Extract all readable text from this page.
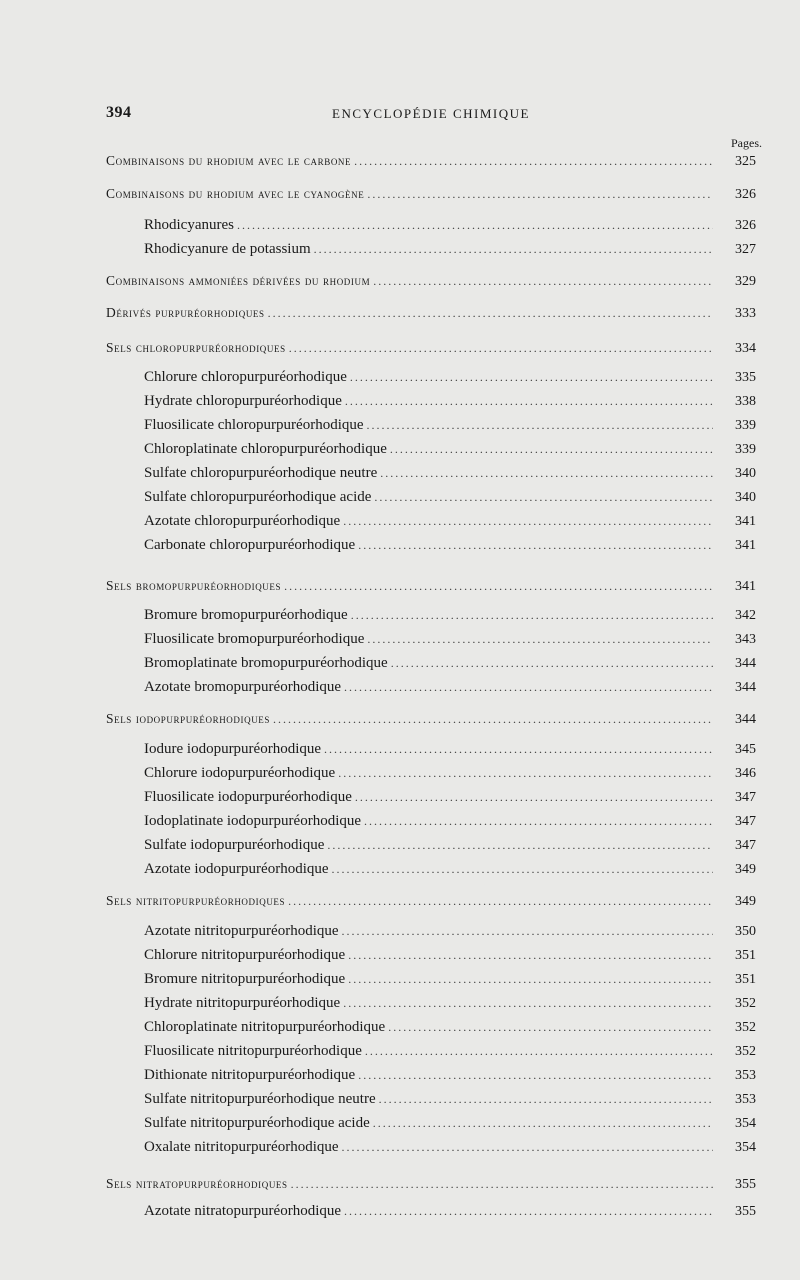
394	ENCYCLOPÉDIE CHIMIQUE
Pages.
Combinaisons du rhodium avec le carbone .....	325
Combinaisons du rhodium avec le cyanogène .....	326
Rhodicyanures .....	326
Rhodicyanure de potassium .....	327
Combinaisons ammoniées dérivées du rhodium .....	329
Dérivés purpuréorhodiques .....	333
Sels chloropurpuréorhodiques .....	334
Chlorure chloropurpuréorhodique .....	335
Hydrate chloropurpuréorhodique .....	338
Fluosilicate chloropurpuréorhodique .....	339
Chloroplatinate chloropurpuréorhodique .....	339
Sulfate chloropurpuréorhodique neutre .....	340
Sulfate chloropurpuréorhodique acide .....	340
Azotate chloropurpuréorhodique .....	341
Carbonate chloropurpuréorhodique .....	341
Sels bromopurpuréorhodiques .....	341
Bromure bromopurpuréorhodique .....	342
Fluosilicate bromopurpuréorhodique .....	343
Bromoplatinate bromopurpuréorhodique .....	344
Azotate bromopurpuréorhodique .....	344
Sels iodopurpuréorhodiques .....	344
Iodure iodopurpuréorhodique .....	345
Chlorure iodopurpuréorhodique .....	346
Fluosilicate iodopurpuréorhodique .....	347
Iodoplatinate iodopurpuréorhodique .....	347
Sulfate iodopurpuréorhodique .....	347
Azotate iodopurpuréorhodique .....	349
Sels nitritopurpuréorhodiques .....	349
Azotate nitritopurpuréorhodique .....	350
Chlorure nitritopurpuréorhodique .....	351
Bromure nitritopurpuréorhodique .....	351
Hydrate nitritopurpuréorhodique .....	352
Chloroplatinate nitritopurpuréorhodique .....	352
Fluosilicate nitritopurpuréorhodique .....	352
Dithionate nitritopurpuréorhodique .....	353
Sulfate nitritopurpuréorhodique neutre .....	353
Sulfate nitritopurpuréorhodique acide .....	354
Oxalate nitritopurpuréorhodique .....	354
Sels nitratopurpuréorhodiques .....	355
Azotate nitratopurpuréorhodique .....	355
